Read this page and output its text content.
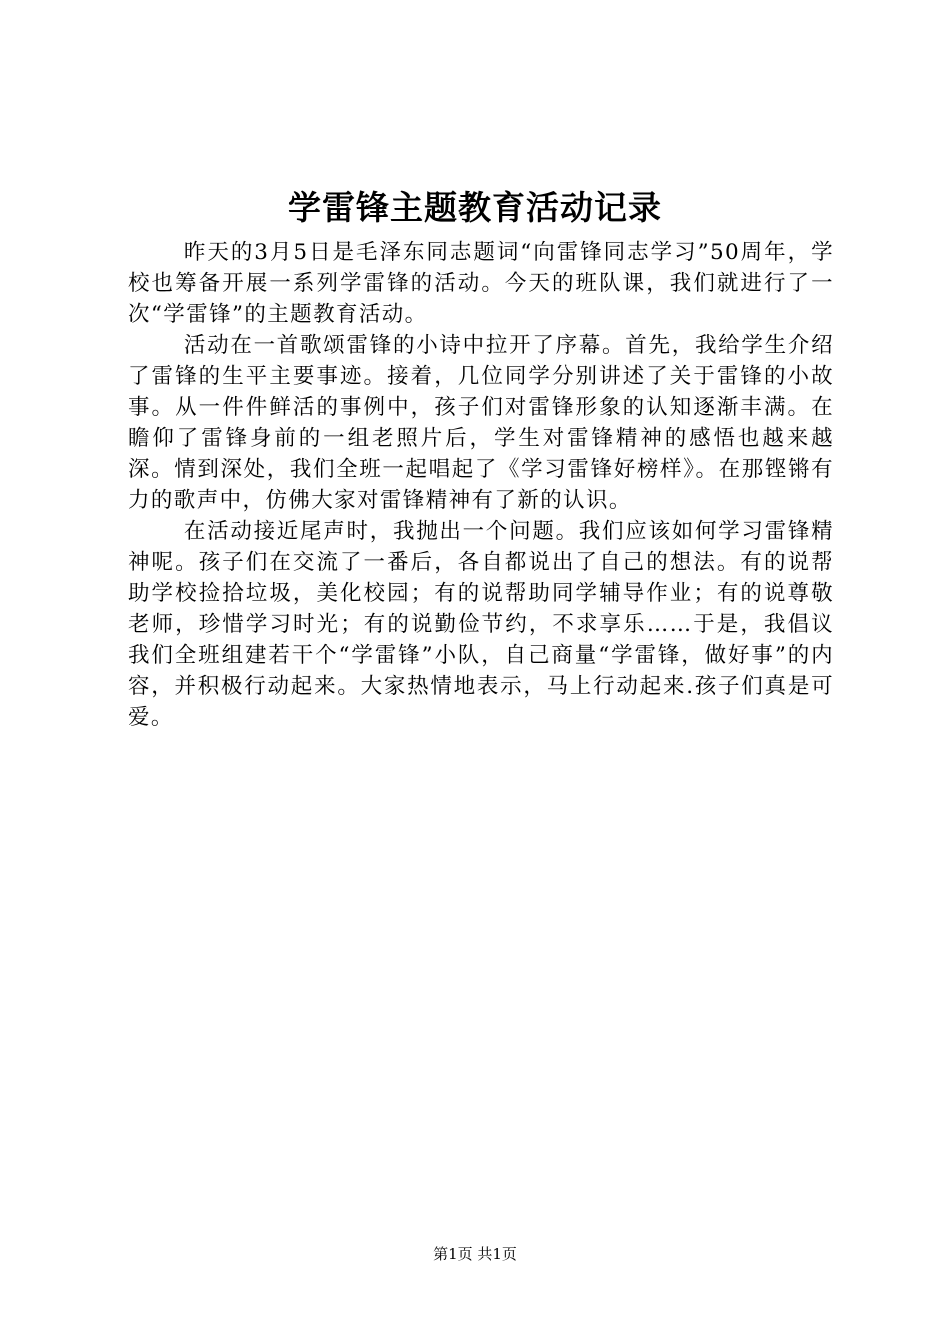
学雷锋主题教育活动记录

昨天的3月5日是毛泽东同志题词“向雷锋同志学习”50周年，学校也筹备开展一系列学雷锋的活动。今天的班队课，我们就进行了一次“学雷锋”的主题教育活动。

活动在一首歌颂雷锋的小诗中拉开了序幕。首先，我给学生介绍了雷锋的生平主要事迹。接着，几位同学分别讲述了关于雷锋的小故事。从一件件鲜活的事例中，孩子们对雷锋形象的认知逐渐丰满。在瞻仰了雷锋身前的一组老照片后，学生对雷锋精神的感悟也越来越深。情到深处，我们全班一起唱起了《学习雷锋好榜样》。在那铿锵有力的歌声中，仿佛大家对雷锋精神有了新的认识。

在活动接近尾声时，我抛出一个问题。我们应该如何学习雷锋精神呢。孩子们在交流了一番后，各自都说出了自己的想法。有的说帮助学校捡拾垃圾，美化校园；有的说帮助同学辅导作业；有的说尊敬老师，珍惜学习时光；有的说勤俭节约，不求享乐……于是，我倡议我们全班组建若干个“学雷锋”小队，自己商量“学雷锋，做好事”的内容，并积极行动起来。大家热情地表示，马上行动起来.孩子们真是可爱。

第1页 共1页
